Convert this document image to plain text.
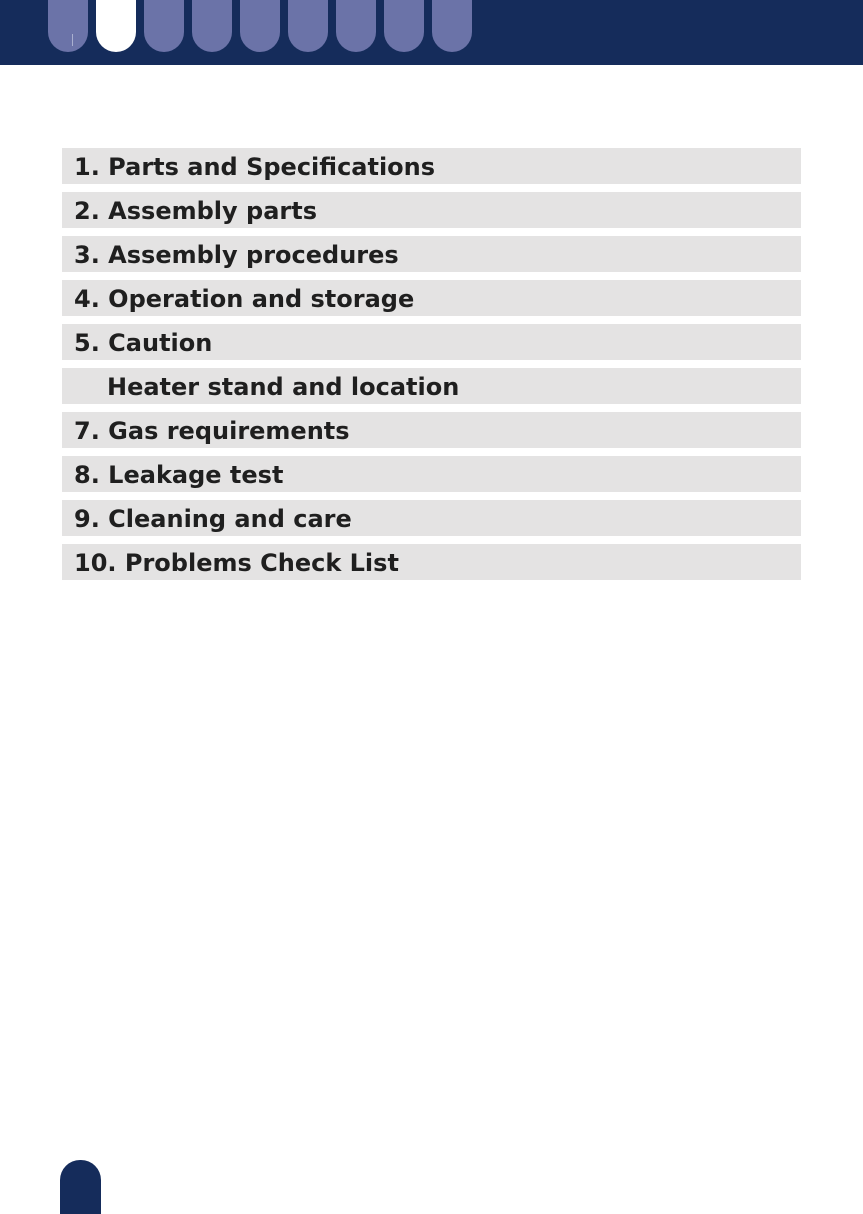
1. Parts and Specifications
2. Assembly parts
3. Assembly procedures
4. Operation and storage
5. Caution
Heater stand and location
7. Gas requirements
8. Leakage test
9. Cleaning and care
10. Problems Check List
